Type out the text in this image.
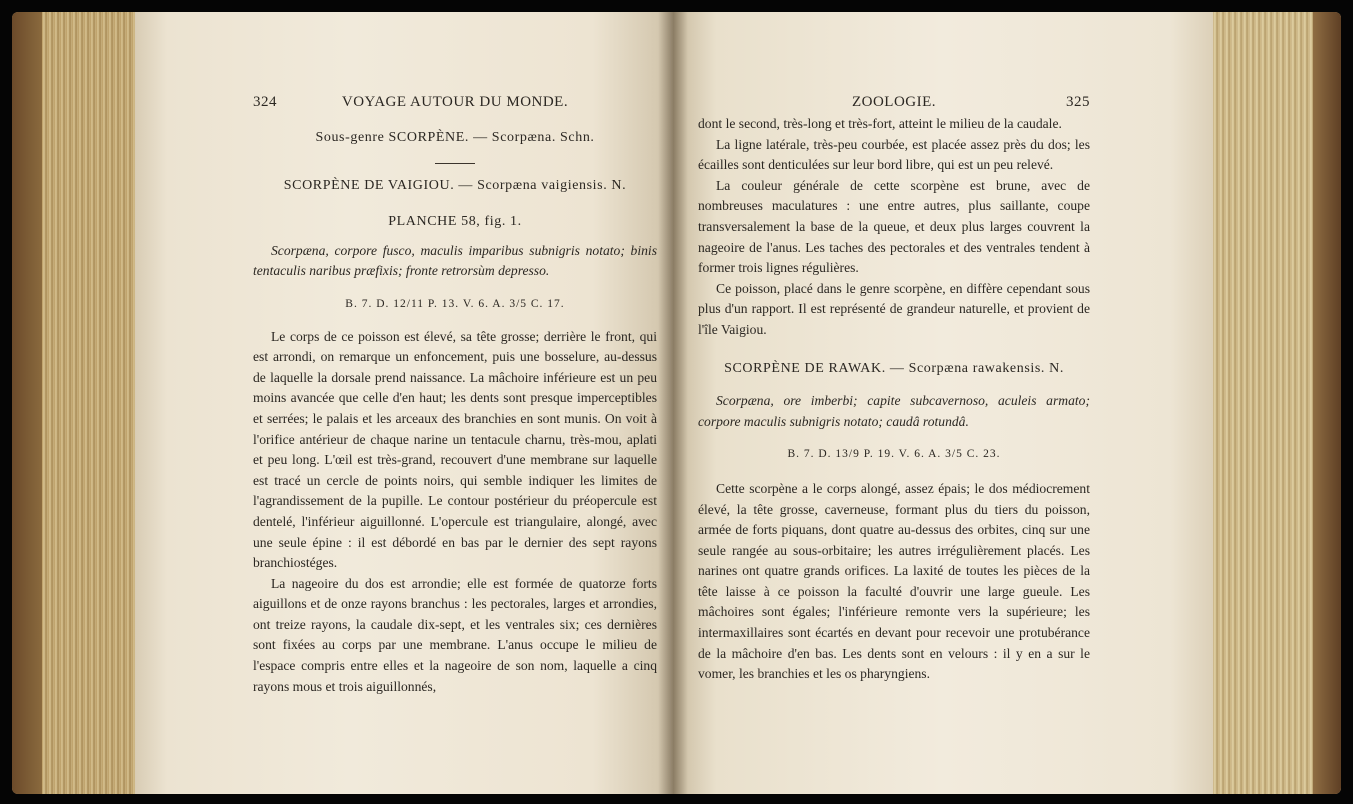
324	VOYAGE AUTOUR DU MONDE.
Sous-genre SCORPÈNE. — Scorpæna. Schn.
SCORPÈNE DE VAIGIOU. — Scorpæna vaigiensis. N.
PLANCHE 58, fig. 1.

Scorpæna, corpore fusco, maculis imparibus subnigris notato; binis tentaculis naribus præfixis; fronte retrorsùm depresso.

B. 7. D. 12/11 P. 13. V. 6. A. 3/5 C. 17.

Le corps de ce poisson est élevé, sa tête grosse; derrière le front, qui est arrondi, on remarque un enfoncement, puis une bosselure, au-dessus de laquelle la dorsale prend naissance. La mâchoire inférieure est un peu moins avancée que celle d'en haut; les dents sont presque imperceptibles et serrées; le palais et les arceaux des branchies en sont munis. On voit à l'orifice antérieur de chaque narine un tentacule charnu, très-mou, aplati et peu long. L'œil est très-grand, recouvert d'une membrane sur laquelle est tracé un cercle de points noirs, qui semble indiquer les limites de l'agrandissement de la pupille. Le contour postérieur du préopercule est dentelé, l'inférieur aiguillonné. L'opercule est triangulaire, alongé, avec une seule épine : il est débordé en bas par le dernier des sept rayons branchiostéges.

La nageoire du dos est arrondie; elle est formée de quatorze forts aiguillons et de onze rayons branchus : les pectorales, larges et arrondies, ont treize rayons, la caudale dix-sept, et les ventrales six; ces dernières sont fixées au corps par une membrane. L'anus occupe le milieu de l'espace compris entre elles et la nageoire de son nom, laquelle a cinq rayons mous et trois aiguillonnés,

ZOOLOGIE.	325

dont le second, très-long et très-fort, atteint le milieu de la caudale.

La ligne latérale, très-peu courbée, est placée assez près du dos; les écailles sont denticulées sur leur bord libre, qui est un peu relevé.

La couleur générale de cette scorpène est brune, avec de nombreuses maculatures : une entre autres, plus saillante, coupe transversalement la base de la queue, et deux plus larges couvrent la nageoire de l'anus. Les taches des pectorales et des ventrales tendent à former trois lignes régulières.

Ce poisson, placé dans le genre scorpène, en diffère cependant sous plus d'un rapport. Il est représenté de grandeur naturelle, et provient de l'île Vaigiou.

SCORPÈNE DE RAWAK. — Scorpæna rawakensis. N.

Scorpæna, ore imberbi; capite subcavernoso, aculeis armato; corpore maculis subnigris notato; caudâ rotundâ.

B. 7. D. 13/9 P. 19. V. 6. A. 3/5 C. 23.

Cette scorpène a le corps alongé, assez épais; le dos médiocrement élevé, la tête grosse, caverneuse, formant plus du tiers du poisson, armée de forts piquans, dont quatre au-dessus des orbites, cinq sur une seule rangée au sous-orbitaire; les autres irrégulièrement placés. Les narines ont quatre grands orifices. La laxité de toutes les pièces de la tête laisse à ce poisson la faculté d'ouvrir une large gueule. Les mâchoires sont égales; l'inférieure remonte vers la supérieure; les intermaxillaires sont écartés en devant pour recevoir une protubérance de la mâchoire d'en bas. Les dents sont en velours : il y en a sur le vomer, les branchies et les os pharyngiens.
